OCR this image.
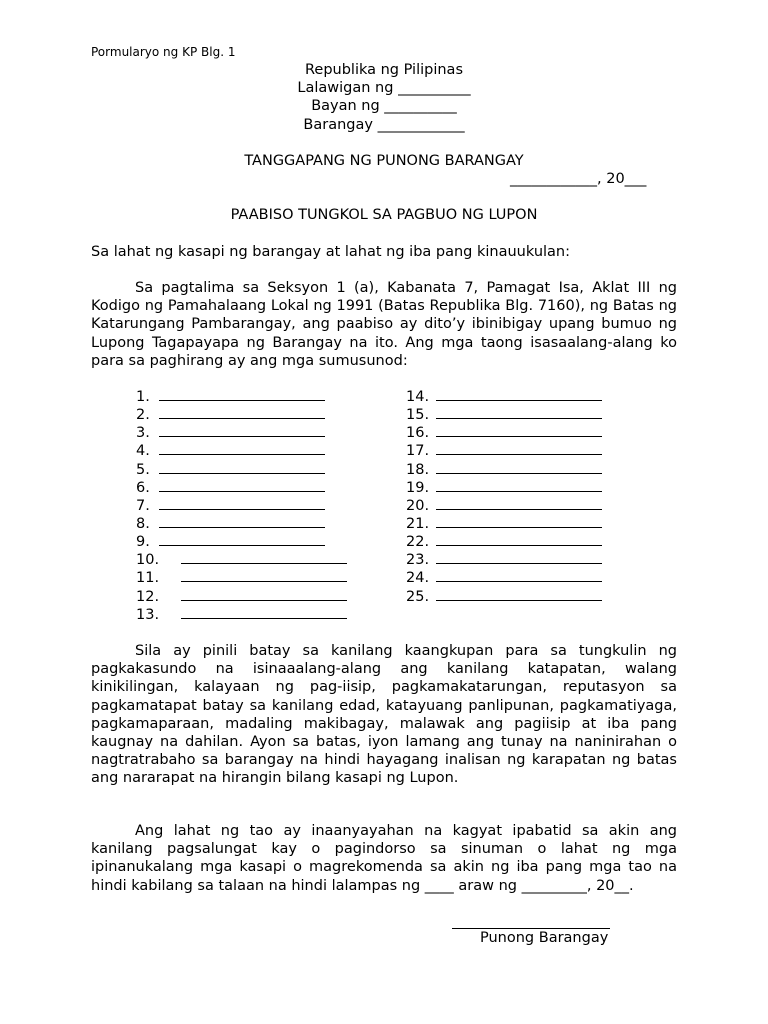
Pormularyo ng KP Blg. 1
Republika ng Pilipinas
Lalawigan ng __________
Bayan ng __________
Barangay ____________
TANGGAPANG NG PUNONG BARANGAY
____________, 20___
PAABISO TUNGKOL SA PAGBUO NG LUPON
Sa lahat ng kasapi ng barangay at lahat ng iba pang kinauukulan:
Sa pagtalima sa Seksyon 1 (a), Kabanata 7, Pamagat Isa, Aklat III ng Kodigo ng Pamahalaang Lokal ng 1991 (Batas Republika Blg. 7160), ng Batas ng Katarungang Pambarangay, ang paabiso ay dito’y ibinibigay upang bumuo ng Lupong Tagapayapa ng Barangay na ito. Ang mga taong isasaalang-alang ko para sa paghirang ay ang mga sumusunod:
1.
2.
3.
4.
5.
6.
7.
8.
9.
10.
11.
12.
13.
14.
15.
16.
17.
18.
19.
20.
21.
22.
23.
24.
25.
Sila ay pinili batay sa kanilang kaangkupan para sa tungkulin ng pagkakasundo na isinaaalang-alang ang kanilang katapatan, walang kinikilingan, kalayaan ng pag-iisip, pagkamakatarungan, reputasyon sa pagkamatapat batay sa kanilang edad, katayuang panlipunan, pagkamatiyaga, pagkamaparaan, madaling makibagay, malawak ang pagiisip at iba pang kaugnay na dahilan. Ayon sa batas, iyon lamang ang tunay na naninirahan o nagtratrabaho sa barangay na hindi hayagang inalisan ng karapatan ng batas ang nararapat na hirangin bilang kasapi ng Lupon.
Ang lahat ng tao ay inaanyayahan na kagyat ipabatid sa akin ang kanilang pagsalungat kay o pagindorso sa sinuman o lahat ng mga ipinanukalang mga kasapi o magrekomenda sa akin ng iba pang mga tao na hindi kabilang sa talaan na hindi lalampas ng ____ araw ng _________, 20__.
Punong Barangay
